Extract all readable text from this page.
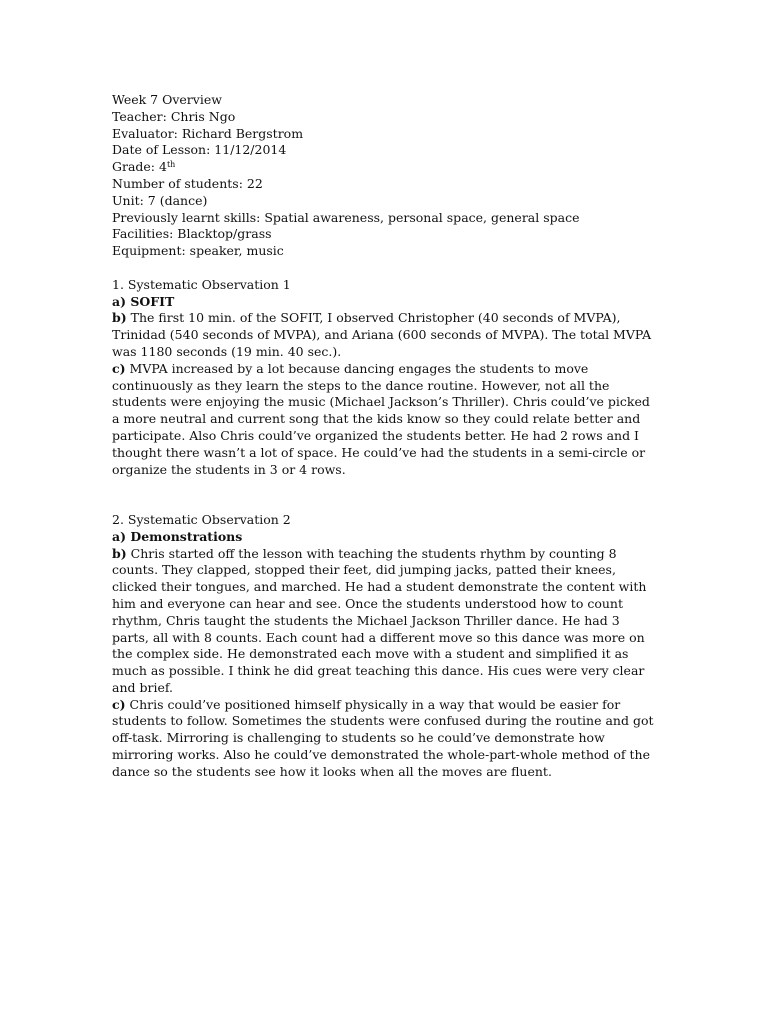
Week 7 Overview
Teacher: Chris Ngo
Evaluator: Richard Bergstrom
Date of Lesson: 11/12/2014
Grade: 4th
Number of students: 22
Unit: 7 (dance)
Previously learnt skills: Spatial awareness, personal space, general space
Facilities: Blacktop/grass
Equipment: speaker, music
1. Systematic Observation 1
a) SOFIT

b) The first 10 min. of the SOFIT, I observed Christopher (40 seconds of MVPA), Trinidad (540 seconds of MVPA), and Ariana (600 seconds of MVPA). The total MVPA was 1180 seconds (19 min. 40 sec.).

c) MVPA increased by a lot because dancing engages the students to move continuously as they learn the steps to the dance routine. However, not all the students were enjoying the music (Michael Jackson’s Thriller). Chris could’ve picked a more neutral and current song that the kids know so they could relate better and participate. Also Chris could’ve organized the students better. He had 2 rows and I thought there wasn’t a lot of space. He could’ve had the students in a semi-circle or organize the students in 3 or 4 rows.

2. Systematic Observation 2
a) Demonstrations

b) Chris started off the lesson with teaching the students rhythm by counting 8 counts. They clapped, stopped their feet, did jumping jacks, patted their knees, clicked their tongues, and marched. He had a student demonstrate the content with him and everyone can hear and see. Once the students understood how to count rhythm, Chris taught the students the Michael Jackson Thriller dance. He had 3 parts, all with 8 counts. Each count had a different move so this dance was more on the complex side. He demonstrated each move with a student and simplified it as much as possible. I think he did great teaching this dance. His cues were very clear and brief.

c) Chris could’ve positioned himself physically in a way that would be easier for students to follow. Sometimes the students were confused during the routine and got off-task. Mirroring is challenging to students so he could’ve demonstrate how mirroring works. Also he could’ve demonstrated the whole-part-whole method of the dance so the students see how it looks when all the moves are fluent.
